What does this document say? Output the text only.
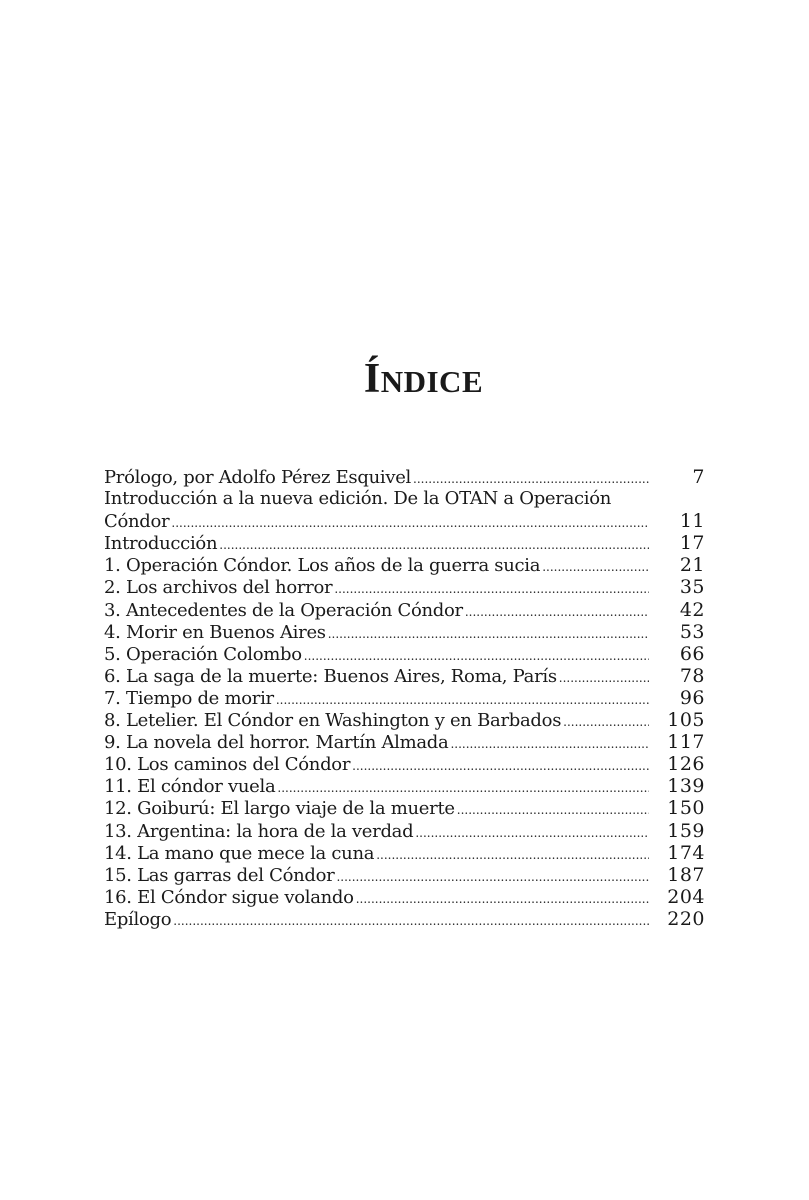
ÍNDICE
Prólogo, por Adolfo Pérez Esquivel .....	7
Introducción a la nueva edición. De la OTAN a Operación
Cóndor .....	11
Introducción .....	17
1. Operación Cóndor. Los años de la guerra sucia .....	21
2. Los archivos del horror .....	35
3. Antecedentes de la Operación Cóndor .....	42
4. Morir en Buenos Aires .....	53
5. Operación Colombo .....	66
6. La saga de la muerte: Buenos Aires, Roma, París .....	78
7. Tiempo de morir .....	96
8. Letelier. El Cóndor en Washington y en Barbados .....	105
9. La novela del horror. Martín Almada .....	117
10. Los caminos del Cóndor .....	126
11. El cóndor vuela .....	139
12. Goiburú: El largo viaje de la muerte .....	150
13. Argentina: la hora de la verdad .....	159
14. La mano que mece la cuna .....	174
15. Las garras del Cóndor .....	187
16. El Cóndor sigue volando .....	204
Epílogo .....	220
